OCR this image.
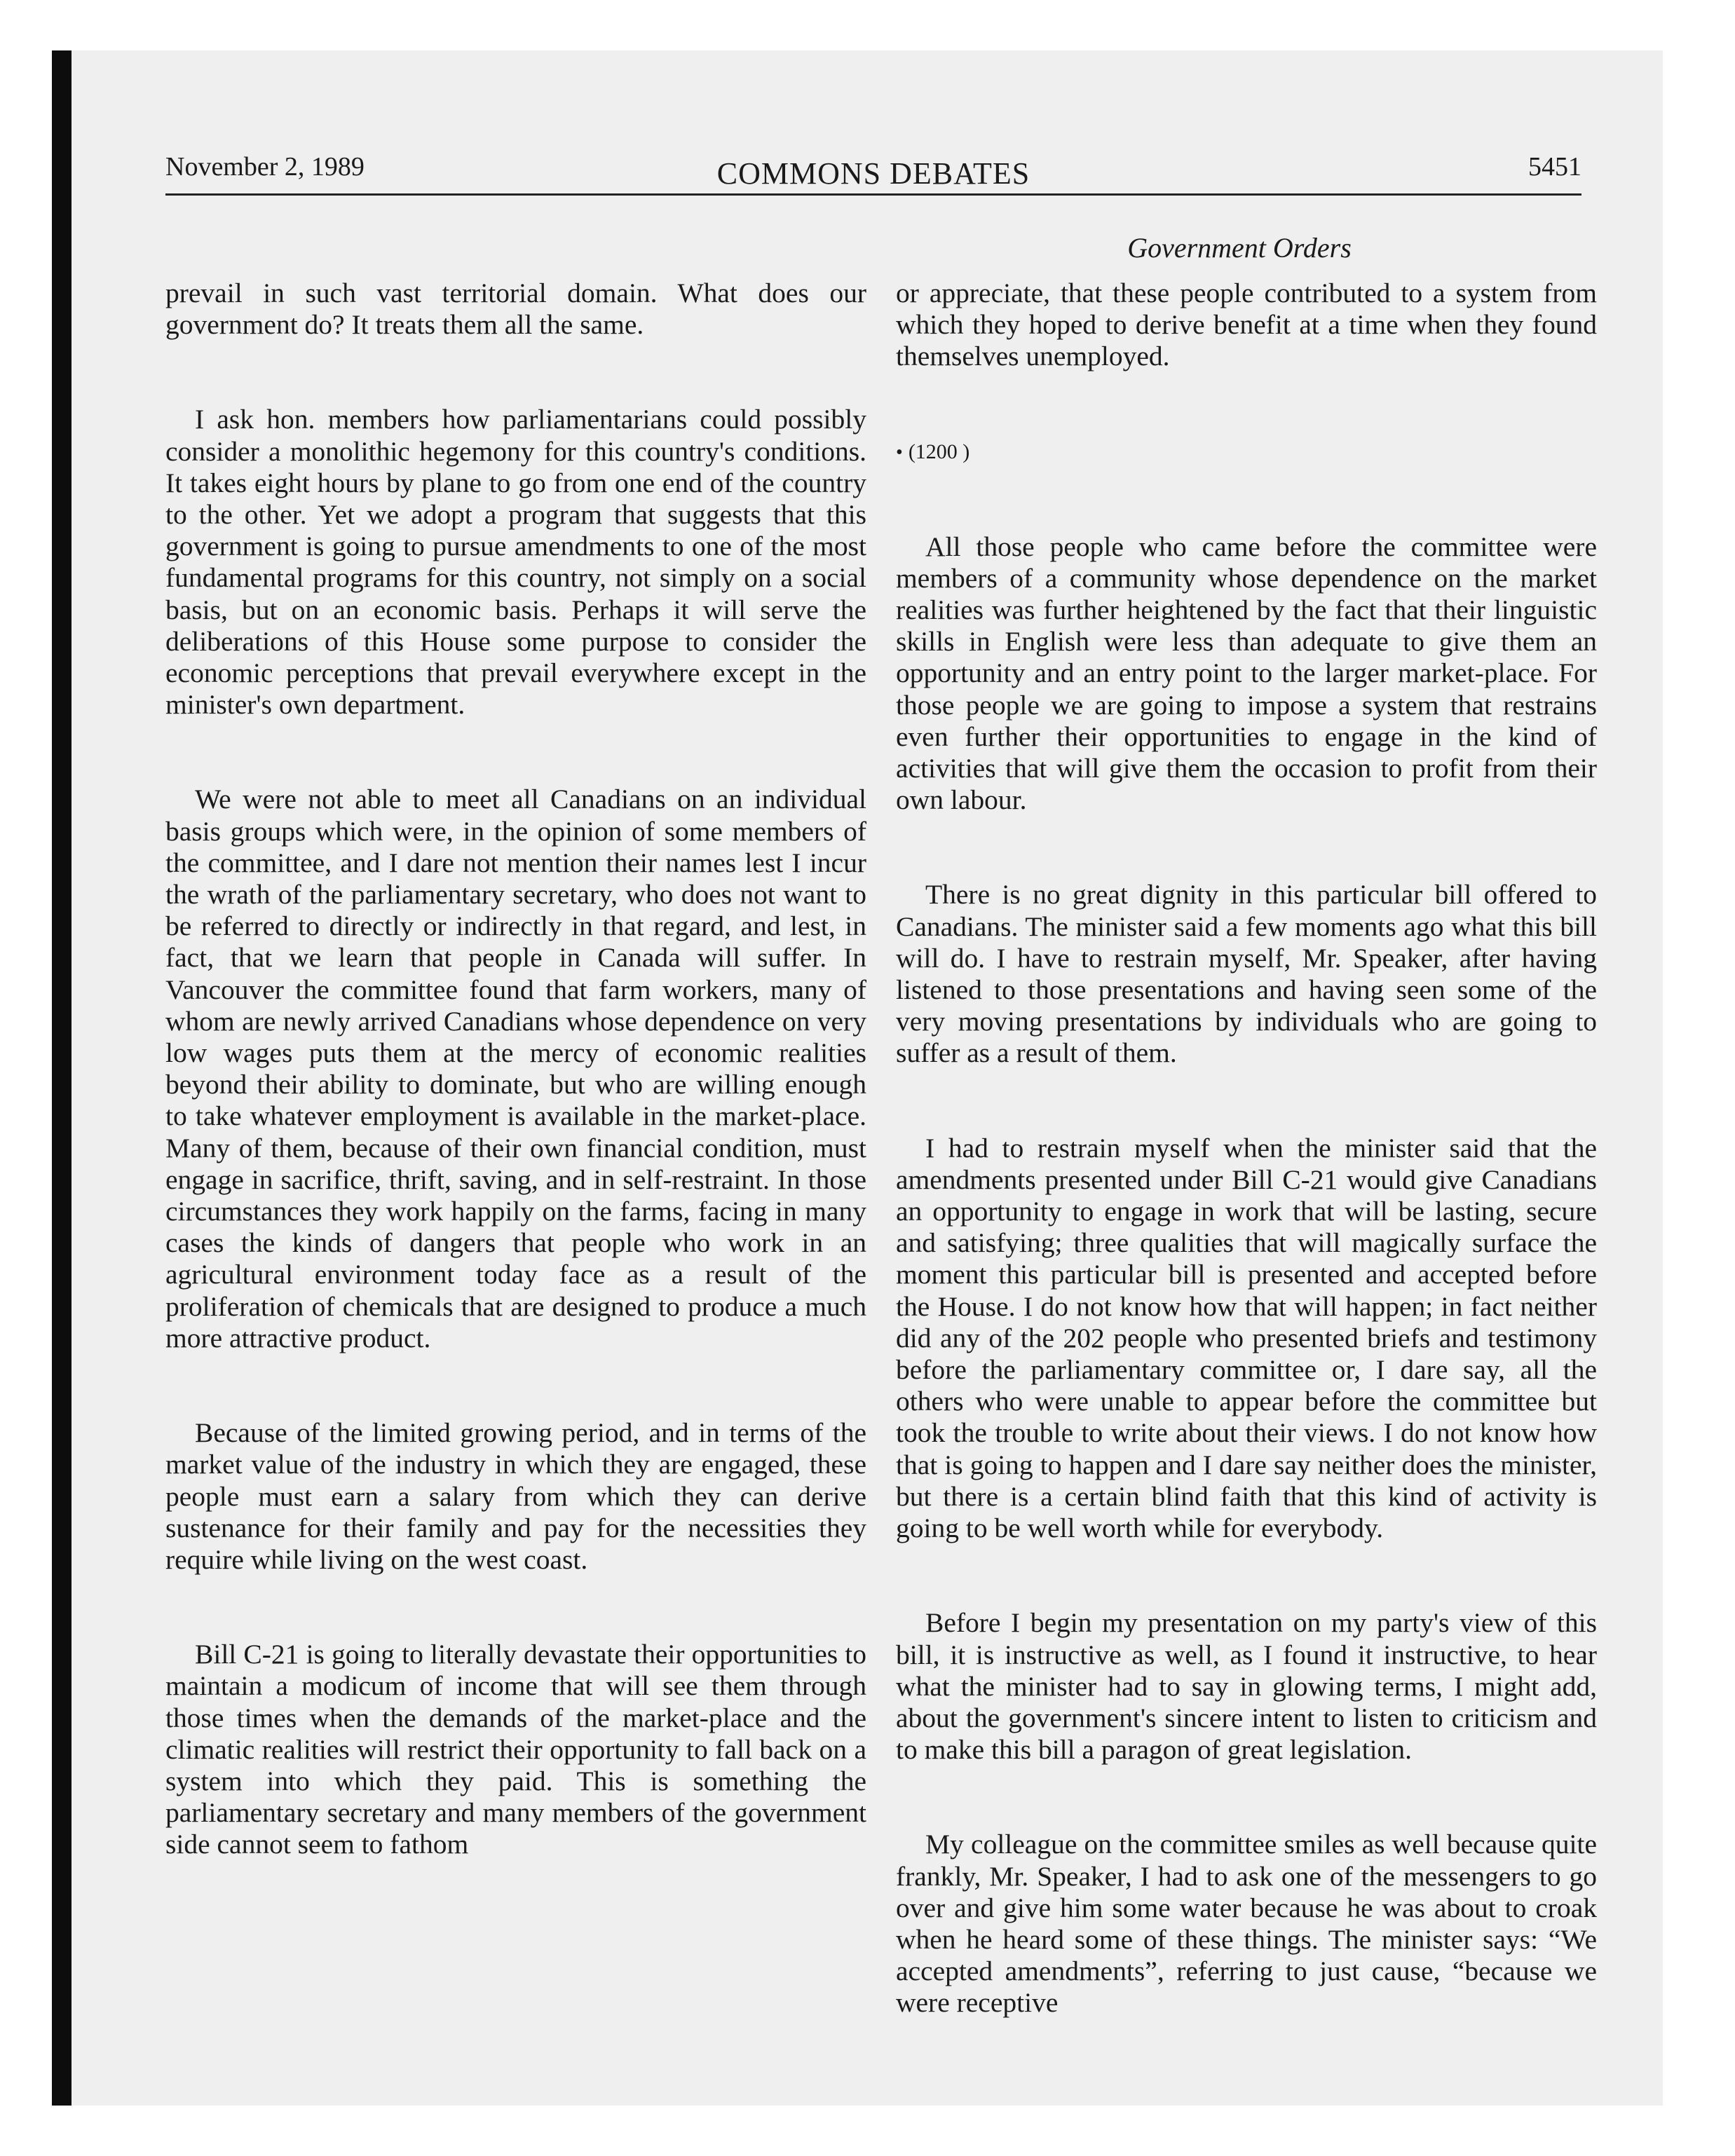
November 2, 1989	COMMONS DEBATES	5451
Government Orders

prevail in such vast territorial domain. What does our government do? It treats them all the same.

I ask hon. members how parliamentarians could possibly consider a monolithic hegemony for this country's conditions. It takes eight hours by plane to go from one end of the country to the other. Yet we adopt a program that suggests that this government is going to pursue amendments to one of the most fundamental programs for this country, not simply on a social basis, but on an economic basis. Perhaps it will serve the deliberations of this House some purpose to consider the economic perceptions that prevail everywhere except in the minister's own department.

We were not able to meet all Canadians on an individual basis groups which were, in the opinion of some members of the committee, and I dare not mention their names lest I incur the wrath of the parliamentary secretary, who does not want to be referred to directly or indirectly in that regard, and lest, in fact, that we learn that people in Canada will suffer. In Vancouver the committee found that farm workers, many of whom are newly arrived Canadians whose dependence on very low wages puts them at the mercy of economic realities beyond their ability to dominate, but who are willing enough to take whatever employment is available in the market-place. Many of them, because of their own financial condition, must engage in sacrifice, thrift, saving, and in self-restraint. In those circumstances they work happily on the farms, facing in many cases the kinds of dangers that people who work in an agricultural environment today face as a result of the proliferation of chemicals that are designed to produce a much more attractive product.

Because of the limited growing period, and in terms of the market value of the industry in which they are engaged, these people must earn a salary from which they can derive sustenance for their family and pay for the necessities they require while living on the west coast.

Bill C-21 is going to literally devastate their opportunities to maintain a modicum of income that will see them through those times when the demands of the market-place and the climatic realities will restrict their opportunity to fall back on a system into which they paid. This is something the parliamentary secretary and many members of the government side cannot seem to fathom

or appreciate, that these people contributed to a system from which they hoped to derive benefit at a time when they found themselves unemployed.

• (1200 )

All those people who came before the committee were members of a community whose dependence on the market realities was further heightened by the fact that their linguistic skills in English were less than adequate to give them an opportunity and an entry point to the larger market-place. For those people we are going to impose a system that restrains even further their opportunities to engage in the kind of activities that will give them the occasion to profit from their own labour.

There is no great dignity in this particular bill offered to Canadians. The minister said a few moments ago what this bill will do. I have to restrain myself, Mr. Speaker, after having listened to those presentations and having seen some of the very moving presentations by individuals who are going to suffer as a result of them.

I had to restrain myself when the minister said that the amendments presented under Bill C-21 would give Canadians an opportunity to engage in work that will be lasting, secure and satisfying; three qualities that will magically surface the moment this particular bill is presented and accepted before the House. I do not know how that will happen; in fact neither did any of the 202 people who presented briefs and testimony before the parliamentary committee or, I dare say, all the others who were unable to appear before the committee but took the trouble to write about their views. I do not know how that is going to happen and I dare say neither does the minister, but there is a certain blind faith that this kind of activity is going to be well worth while for everybody.

Before I begin my presentation on my party's view of this bill, it is instructive as well, as I found it instructive, to hear what the minister had to say in glowing terms, I might add, about the government's sincere intent to listen to criticism and to make this bill a paragon of great legislation.

My colleague on the committee smiles as well because quite frankly, Mr. Speaker, I had to ask one of the messengers to go over and give him some water because he was about to croak when he heard some of these things. The minister says: “We accepted amendments”, referring to just cause, “because we were receptive
